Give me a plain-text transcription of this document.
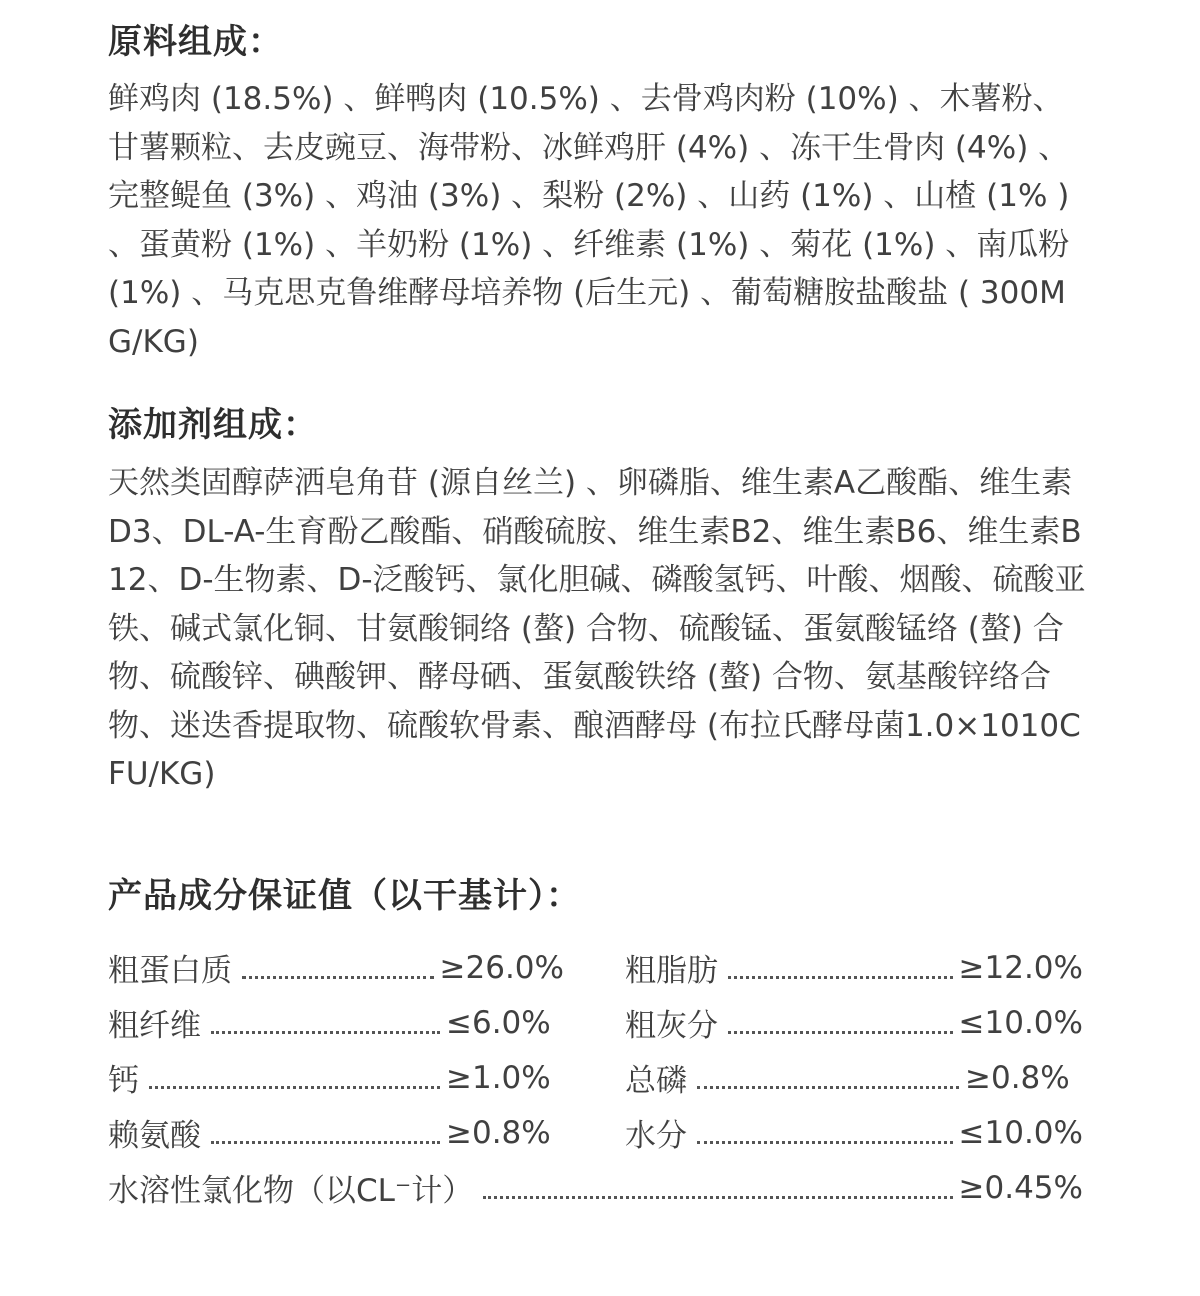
原料组成：

鲜鸡肉 (18.5%) 、鲜鸭肉 (10.5%) 、去骨鸡肉粉 (10%) 、木薯粉、甘薯颗粒、去皮豌豆、海带粉、冰鲜鸡肝 (4%) 、冻干生骨肉 (4%) 、完整鳀鱼 (3%) 、鸡油 (3%) 、梨粉 (2%) 、山药 (1%) 、山楂 (1% ) 、蛋黄粉 (1%) 、羊奶粉 (1%) 、纤维素 (1%) 、菊花 (1%) 、南瓜粉 (1%) 、马克思克鲁维酵母培养物 (后生元) 、葡萄糖胺盐酸盐 ( 300MG/KG)

添加剂组成：

天然类固醇萨洒皂角苷 (源自丝兰) 、卵磷脂、维生素A乙酸酯、维生素D3、DL-A-生育酚乙酸酯、硝酸硫胺、维生素B2、维生素B6、维生素B12、D-生物素、D-泛酸钙、氯化胆碱、磷酸氢钙、叶酸、烟酸、硫酸亚铁、碱式氯化铜、甘氨酸铜络 (螯) 合物、硫酸锰、蛋氨酸锰络 (螯) 合物、硫酸锌、碘酸钾、酵母硒、蛋氨酸铁络 (螯) 合物、氨基酸锌络合物、迷迭香提取物、硫酸软骨素、酿酒酵母 (布拉氏酵母菌1.0×1010CFU/KG)

产品成分保证值（以干基计）：
粗蛋白质	≥26.0% 粗脂肪	≥12.0%
粗纤维	≤6.0%	粗灰分	≤10.0%
钙	≥1.0%	总磷	≥0.8%
赖氨酸	≥0.8%	水分	≤10.0%
水溶性氯化物（以CL⁻计）	≥0.45%
